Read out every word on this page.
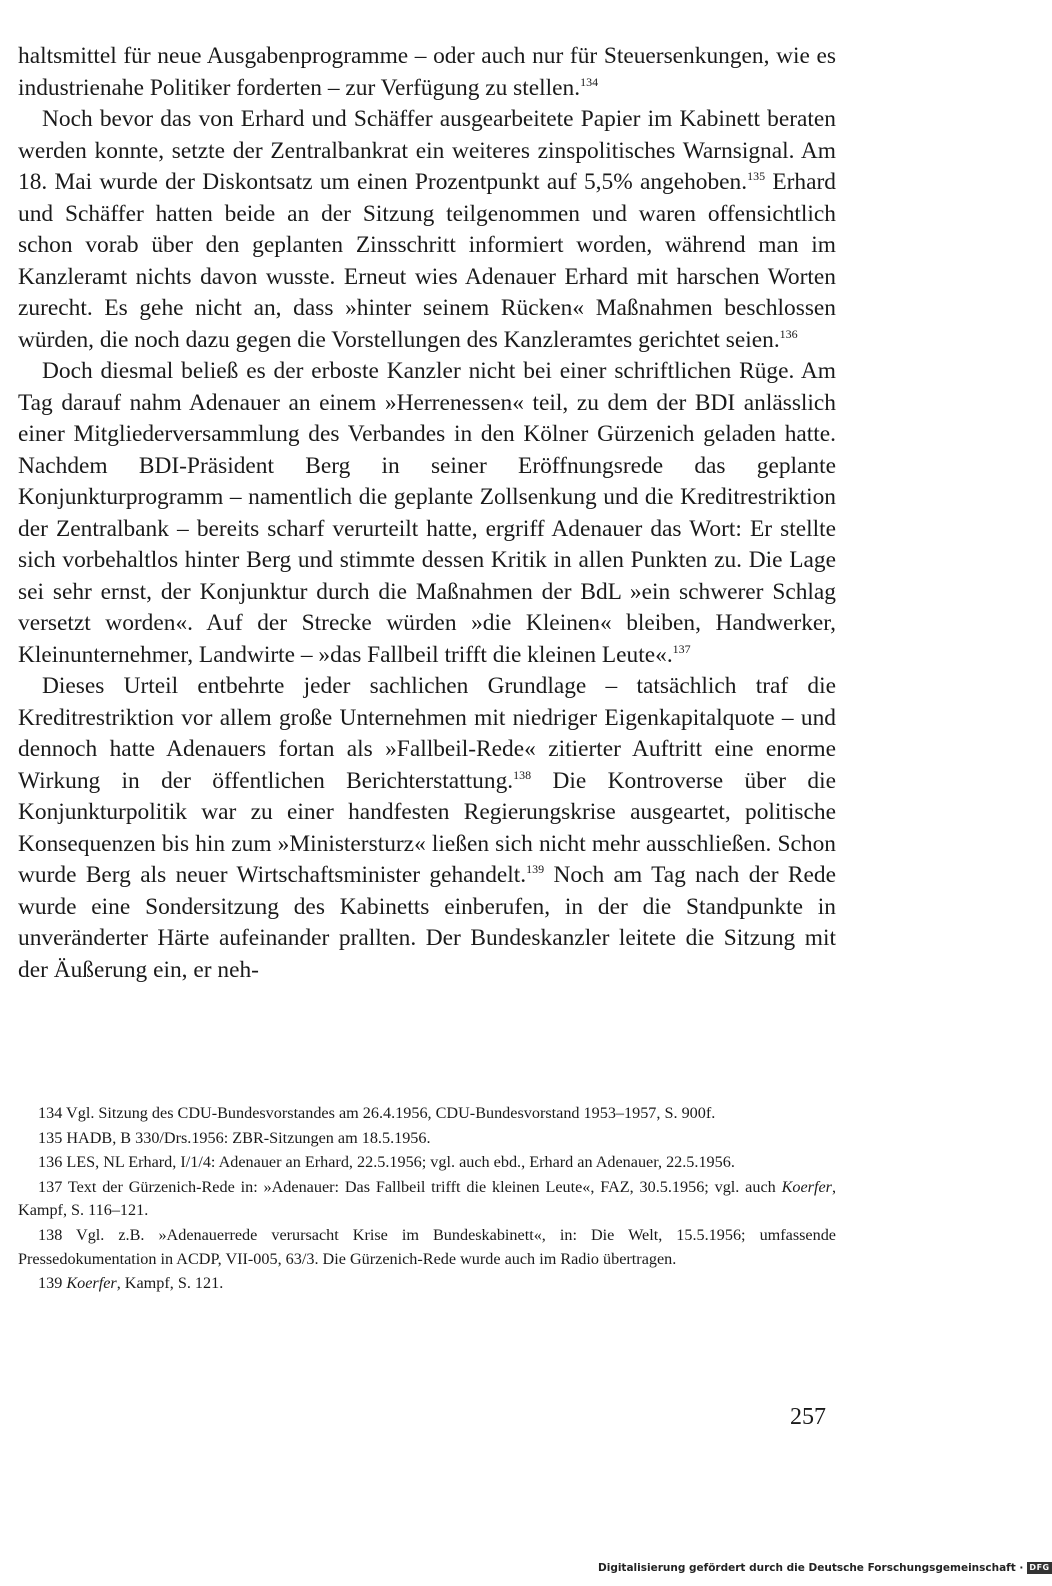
haltsmittel für neue Ausgabenprogramme – oder auch nur für Steuersenkungen, wie es industrienahe Politiker forderten – zur Verfügung zu stellen.$^{134}$

Noch bevor das von Erhard und Schäffer ausgearbeitete Papier im Kabinett beraten werden konnte, setzte der Zentralbankrat ein weiteres zinspolitisches Warnsignal. Am 18. Mai wurde der Diskontsatz um einen Prozentpunkt auf 5,5% angehoben.$^{135}$ Erhard und Schäffer hatten beide an der Sitzung teilgenommen und waren offensichtlich schon vorab über den geplanten Zinsschritt informiert worden, während man im Kanzleramt nichts davon wusste. Erneut wies Adenauer Erhard mit harschen Worten zurecht. Es gehe nicht an, dass »hinter seinem Rücken« Maßnahmen beschlossen würden, die noch dazu gegen die Vorstellungen des Kanzleramtes gerichtet seien.$^{136}$

Doch diesmal beließ es der erboste Kanzler nicht bei einer schriftlichen Rüge. Am Tag darauf nahm Adenauer an einem »Herrenessen« teil, zu dem der BDI anlässlich einer Mitgliederversammlung des Verbandes in den Kölner Gürzenich geladen hatte. Nachdem BDI-Präsident Berg in seiner Eröffnungsrede das geplante Konjunkturprogramm – namentlich die geplante Zollsenkung und die Kreditrestriktion der Zentralbank – bereits scharf verurteilt hatte, ergriff Adenauer das Wort: Er stellte sich vorbehaltlos hinter Berg und stimmte dessen Kritik in allen Punkten zu. Die Lage sei sehr ernst, der Konjunktur durch die Maßnahmen der BdL »ein schwerer Schlag versetzt worden«. Auf der Strecke würden »die Kleinen« bleiben, Handwerker, Kleinunternehmer, Landwirte – »das Fallbeil trifft die kleinen Leute«.$^{137}$

Dieses Urteil entbehrte jeder sachlichen Grundlage – tatsächlich traf die Kreditrestriktion vor allem große Unternehmen mit niedriger Eigenkapitalquote – und dennoch hatte Adenauers fortan als »Fallbeil-Rede« zitierter Auftritt eine enorme Wirkung in der öffentlichen Berichterstattung.$^{138}$ Die Kontroverse über die Konjunkturpolitik war zu einer handfesten Regierungskrise ausgeartet, politische Konsequenzen bis hin zum »Ministersturz« ließen sich nicht mehr ausschließen. Schon wurde Berg als neuer Wirtschaftsminister gehandelt.$^{139}$ Noch am Tag nach der Rede wurde eine Sondersitzung des Kabinetts einberufen, in der die Standpunkte in unveränderter Härte aufeinander prallten. Der Bundeskanzler leitete die Sitzung mit der Äußerung ein, er neh-

134 Vgl. Sitzung des CDU-Bundesvorstandes am 26.4.1956, CDU-Bundesvorstand 1953–1957, S. 900f.

135 HADB, B 330/Drs.1956: ZBR-Sitzungen am 18.5.1956.

136 LES, NL Erhard, I/1/4: Adenauer an Erhard, 22.5.1956; vgl. auch ebd., Erhard an Adenauer, 22.5.1956.

137 Text der Gürzenich-Rede in: »Adenauer: Das Fallbeil trifft die kleinen Leute«, FAZ, 30.5.1956; vgl. auch Koerfer, Kampf, S. 116–121.

138 Vgl. z.B. »Adenauerrede verursacht Krise im Bundeskabinett«, in: Die Welt, 15.5.1956; umfassende Pressedokumentation in ACDP, VII-005, 63/3. Die Gürzenich-Rede wurde auch im Radio übertragen.

139 Koerfer, Kampf, S. 121.

257
Digitalisierung gefördert durch die Deutsche Forschungsgemeinschaft · DFG
